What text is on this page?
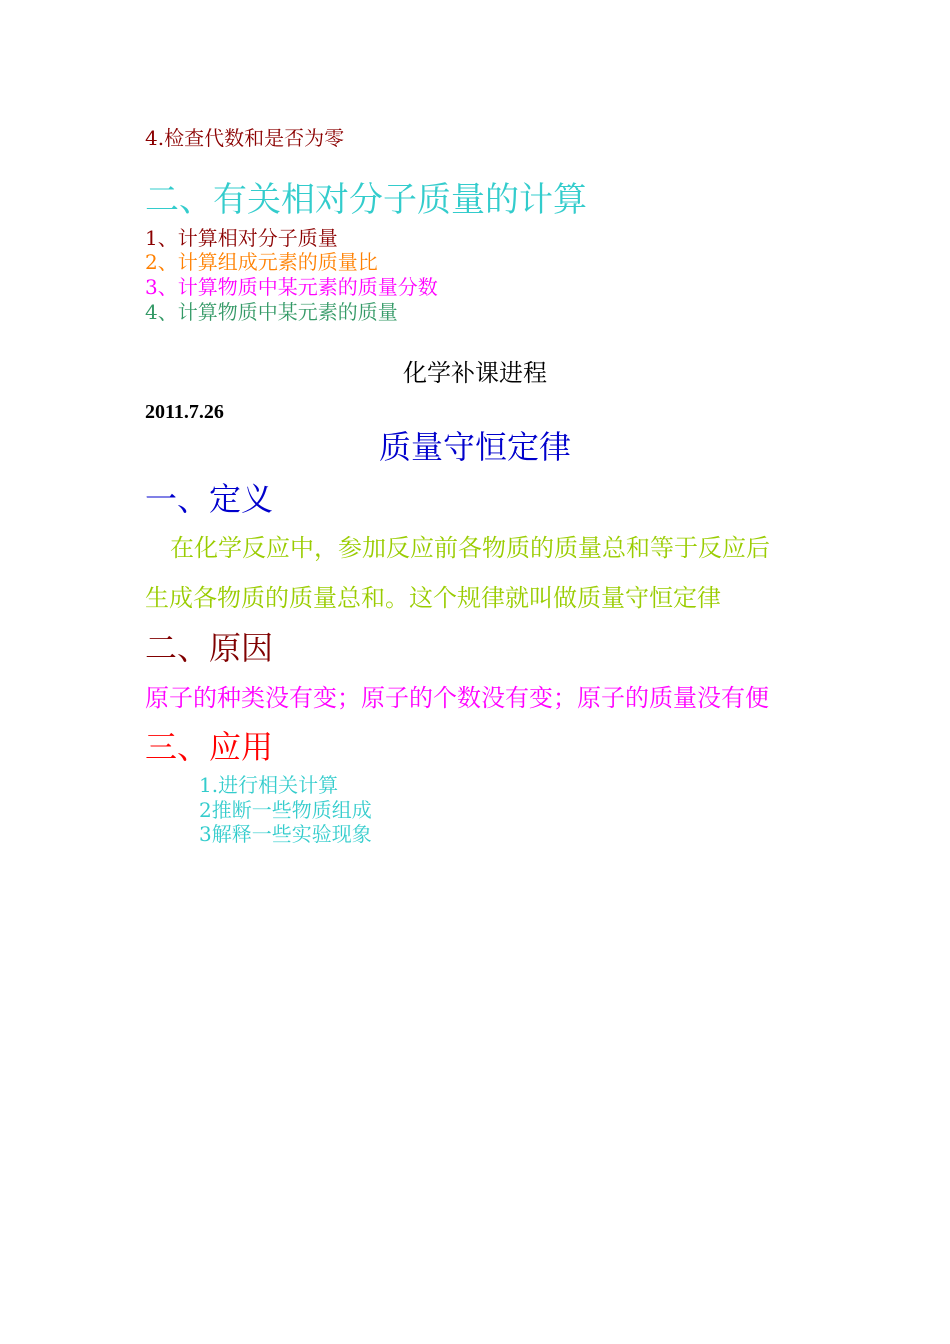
4.检查代数和是否为零

二、有关相对分子质量的计算

1、计算相对分子质量

2、计算组成元素的质量比

3、计算物质中某元素的质量分数

4、计算物质中某元素的质量

化学补课进程

2011.7.26

质量守恒定律

一、定义

在化学反应中，参加反应前各物质的质量总和等于反应后

生成各物质的质量总和。这个规律就叫做质量守恒定律

二、原因

原子的种类没有变；原子的个数没有变；原子的质量没有便

三、应用

1.进行相关计算

2推断一些物质组成

3解释一些实验现象
